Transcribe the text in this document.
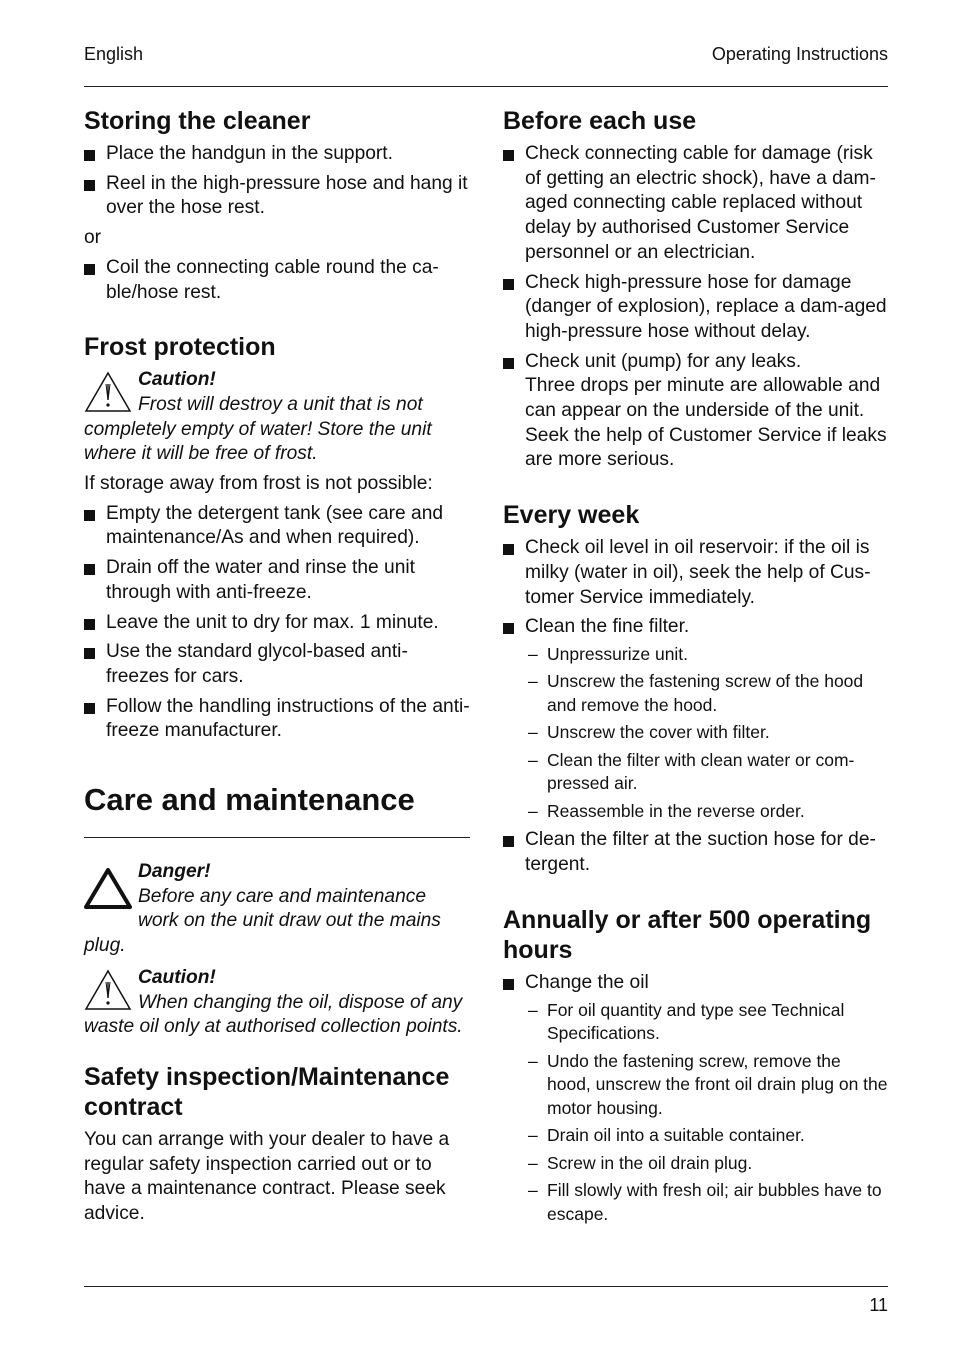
English	Operating Instructions
Storing the cleaner
Place the handgun in the support.
Reel in the high-pressure hose and hang it over the hose rest.

or

Coil the connecting cable round the ca-ble/hose rest.
Frost protection
Caution!
Frost will destroy a unit that is not completely empty of water! Store the unit where it will be free of frost.

If storage away from frost is not possible:

Empty the detergent tank (see care and maintenance/As and when required).
Drain off the water and rinse the unit through with anti-freeze.
Leave the unit to dry for max. 1 minute.
Use the standard glycol-based anti-freezes for cars.
Follow the handling instructions of the anti-freeze manufacturer.
Care and maintenance
Danger!
Before any care and maintenance work on the unit draw out the mains plug.
Caution!
When changing the oil, dispose of any waste oil only at authorised collection points.
Safety inspection/Maintenance contract

You can arrange with your dealer to have a regular safety inspection carried out or to have a maintenance contract. Please seek advice.

Before each use
Check connecting cable for damage (risk of getting an electric shock), have a dam-aged connecting cable replaced without delay by authorised Customer Service personnel or an electrician.
Check high-pressure hose for damage (danger of explosion), replace a dam-aged high-pressure hose without delay.
Check unit (pump) for any leaks.
Three drops per minute are allowable and can appear on the underside of the unit. Seek the help of Customer Service if leaks are more serious.
Every week
Check oil level in oil reservoir: if the oil is milky (water in oil), seek the help of Cus-tomer Service immediately.
Clean the fine filter.
– Unpressurize unit.
– Unscrew the fastening screw of the hood and remove the hood.
– Unscrew the cover with filter.
– Clean the filter with clean water or com-pressed air.
– Reassemble in the reverse order.
Clean the filter at the suction hose for de-tergent.
Annually or after 500 operating hours
Change the oil
– For oil quantity and type see Technical Specifications.
– Undo the fastening screw, remove the hood, unscrew the front oil drain plug on the motor housing.
– Drain oil into a suitable container.
– Screw in the oil drain plug.
– Fill slowly with fresh oil; air bubbles have to escape.
11
